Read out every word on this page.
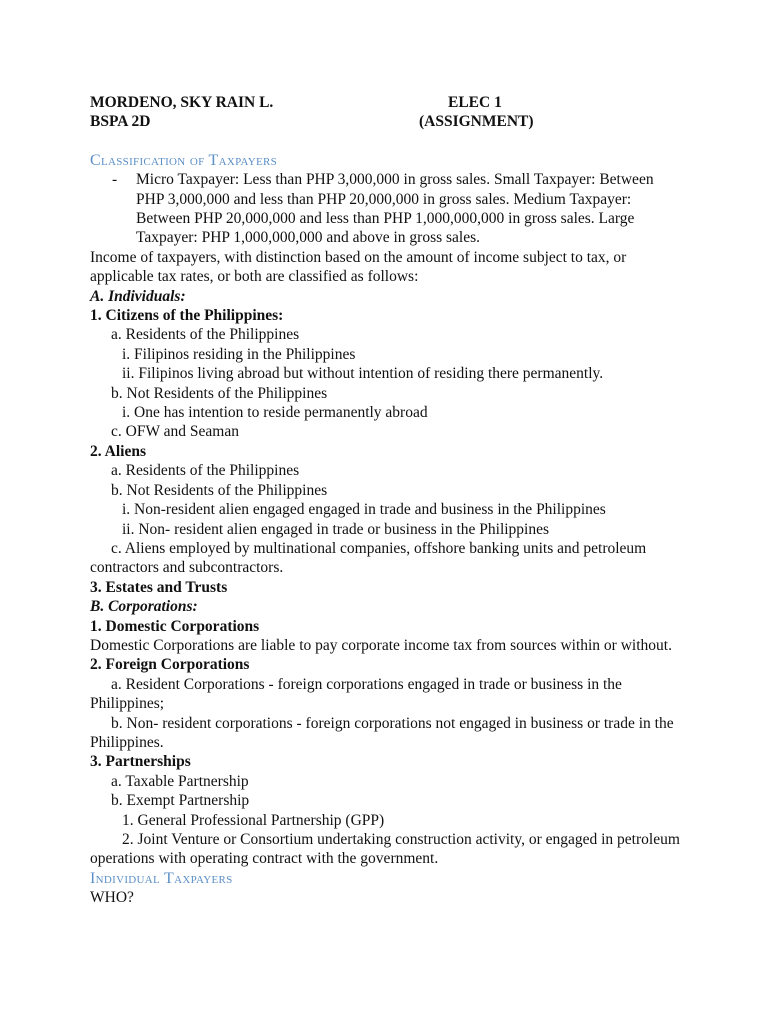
MORDENO, SKY RAIN L.	ELEC 1
BSPA 2D	(ASSIGNMENT)
Classification of Taxpayers
- Micro Taxpayer: Less than PHP 3,000,000 in gross sales. Small Taxpayer: Between PHP 3,000,000 and less than PHP 20,000,000 in gross sales. Medium Taxpayer: Between PHP 20,000,000 and less than PHP 1,000,000,000 in gross sales. Large Taxpayer: PHP 1,000,000,000 and above in gross sales.
Income of taxpayers, with distinction based on the amount of income subject to tax, or applicable tax rates, or both are classified as follows:
A. Individuals:
1. Citizens of the Philippines:
a. Residents of the Philippines
i. Filipinos residing in the Philippines
ii. Filipinos living abroad but without intention of residing there permanently.
b. Not Residents of the Philippines
i. One has intention to reside permanently abroad
c. OFW and Seaman
2. Aliens
a. Residents of the Philippines
b. Not Residents of the Philippines
i. Non-resident alien engaged engaged in trade and business in the Philippines
ii. Non- resident alien engaged in trade or business in the Philippines
c. Aliens employed by multinational companies, offshore banking units and petroleum contractors and subcontractors.
3. Estates and Trusts
B. Corporations:
1. Domestic Corporations
Domestic Corporations are liable to pay corporate income tax from sources within or without.
2. Foreign Corporations
a. Resident Corporations - foreign corporations engaged in trade or business in the Philippines;
b. Non- resident corporations - foreign corporations not engaged in business or trade in the Philippines.
3. Partnerships
a. Taxable Partnership
b. Exempt Partnership
1. General Professional Partnership (GPP)
2. Joint Venture or Consortium undertaking construction activity, or engaged in petroleum operations with operating contract with the government.
Individual Taxpayers
WHO?
